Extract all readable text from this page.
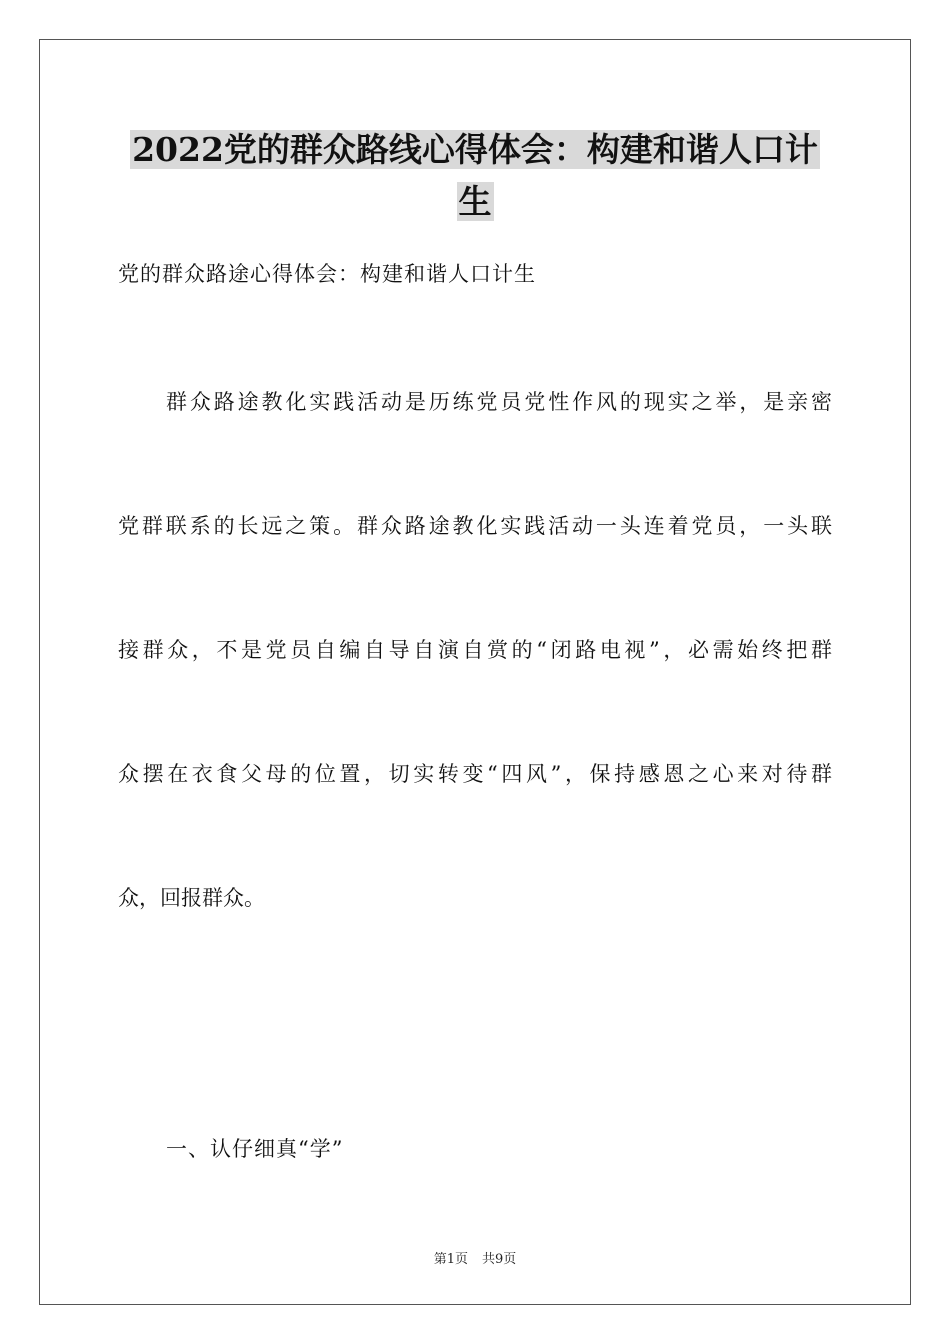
2022党的群众路线心得体会：构建和谐人口计
生
党的群众路途心得体会：构建和谐人口计生
群众路途教化实践活动是历练党员党性作风的现实之举，是亲密
党群联系的长远之策。群众路途教化实践活动一头连着党员，一头联
接群众，不是党员自编自导自演自赏的“闭路电视”，必需始终把群
众摆在衣食父母的位置，切实转变“四风”，保持感恩之心来对待群
众，回报群众。
一、认仔细真“学”
第1页 共9页
